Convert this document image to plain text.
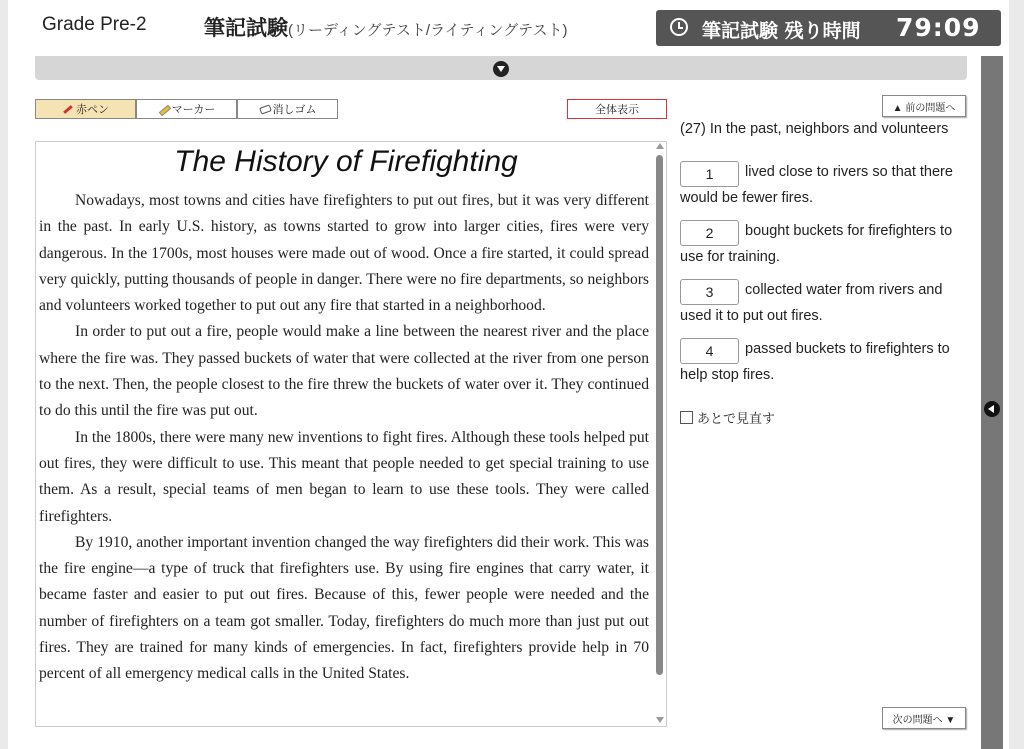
Grade Pre-2	筆記試験(リーディングテスト/ライティングテスト)	筆記試験 残り時間 79:09
赤ペン	マーカー	消しゴム	全体表示
The History of Firefighting

Nowadays, most towns and cities have firefighters to put out fires, but it was very different in the past. In early U.S. history, as towns started to grow into larger cities, fires were very dangerous. In the 1700s, most houses were made out of wood. Once a fire started, it could spread very quickly, putting thousands of people in danger. There were no fire departments, so neighbors and volunteers worked together to put out any fire that started in a neighborhood.

In order to put out a fire, people would make a line between the nearest river and the place where the fire was. They passed buckets of water that were collected at the river from one person to the next. Then, the people closest to the fire threw the buckets of water over it. They continued to do this until the fire was put out.

In the 1800s, there were many new inventions to fight fires. Although these tools helped put out fires, they were difficult to use. This meant that people needed to get special training to use them. As a result, special teams of men began to learn to use these tools. They were called firefighters.

By 1910, another important invention changed the way firefighters did their work. This was the fire engine—a type of truck that firefighters use. By using fire engines that carry water, it became faster and easier to put out fires. Because of this, fewer people were needed and the number of firefighters on a team got smaller. Today, firefighters do much more than just put out fires. They are trained for many kinds of emergencies. In fact, firefighters provide help in 70 percent of all emergency medical calls in the United States.

▲ 前の問題へ
(27) In the past, neighbors and volunteers
1 lived close to rivers so that there would be fewer fires.
2 bought buckets for firefighters to use for training.
3 collected water from rivers and used it to put out fires.
4 passed buckets to firefighters to help stop fires.
あとで見直す
次の問題へ ▼
